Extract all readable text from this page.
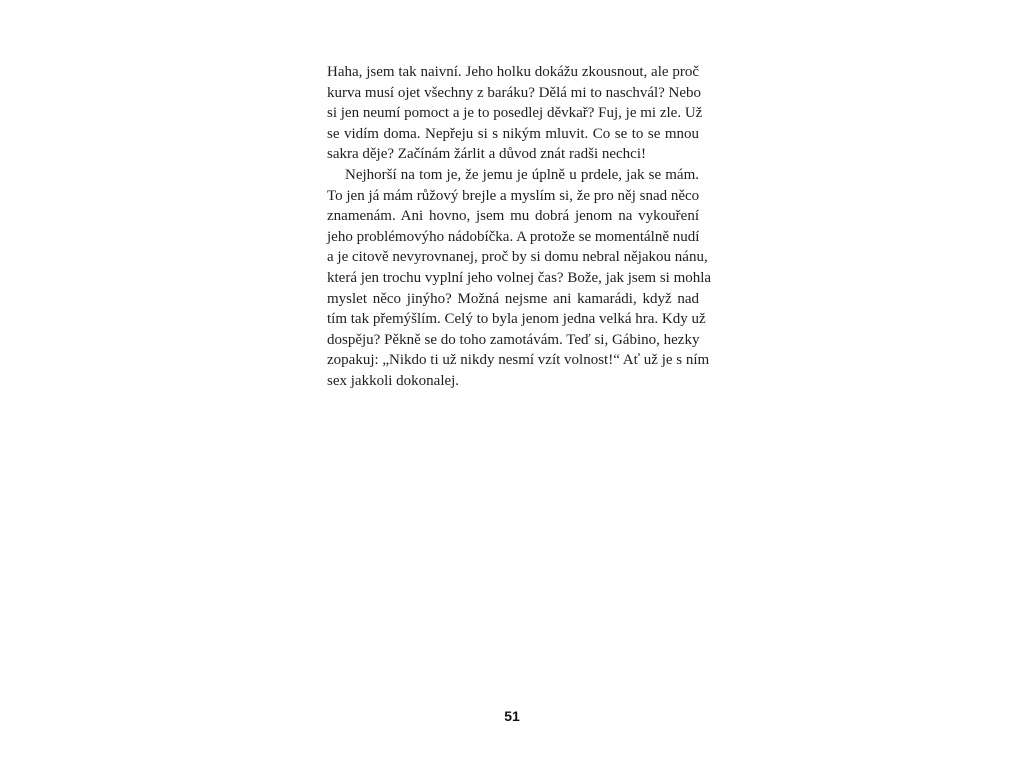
Haha, jsem tak naivní. Jeho holku dokážu zkousnout, ale proč
kurva musí ojet všechny z baráku? Dělá mi to naschvál? Nebo
si jen neumí pomoct a je to posedlej děvkař? Fuj, je mi zle. Už
se vidím doma. Nepřeju si s nikým mluvit. Co se to se mnou
sakra děje? Začínám žárlit a důvod znát radši nechci!

Nejhorší na tom je, že jemu je úplně u prdele, jak se mám.
To jen já mám růžový brejle a myslím si, že pro něj snad něco
znamenám. Ani hovno, jsem mu dobrá jenom na vykouření
jeho problémovýho nádobíčka. A protože se momentálně nudí
a je citově nevyrovnanej, proč by si domu nebral nějakou nánu,
která jen trochu vyplní jeho volnej čas? Bože, jak jsem si mohla
myslet něco jinýho? Možná nejsme ani kamarádi, když nad
tím tak přemýšlím. Celý to byla jenom jedna velká hra. Kdy už
dospěju? Pěkně se do toho zamotávám. Teď si, Gábino, hezky
zopakuj: „Nikdo ti už nikdy nesmí vzít volnost!“ Ať už je s ním
sex jakkoli dokonalej.

51
